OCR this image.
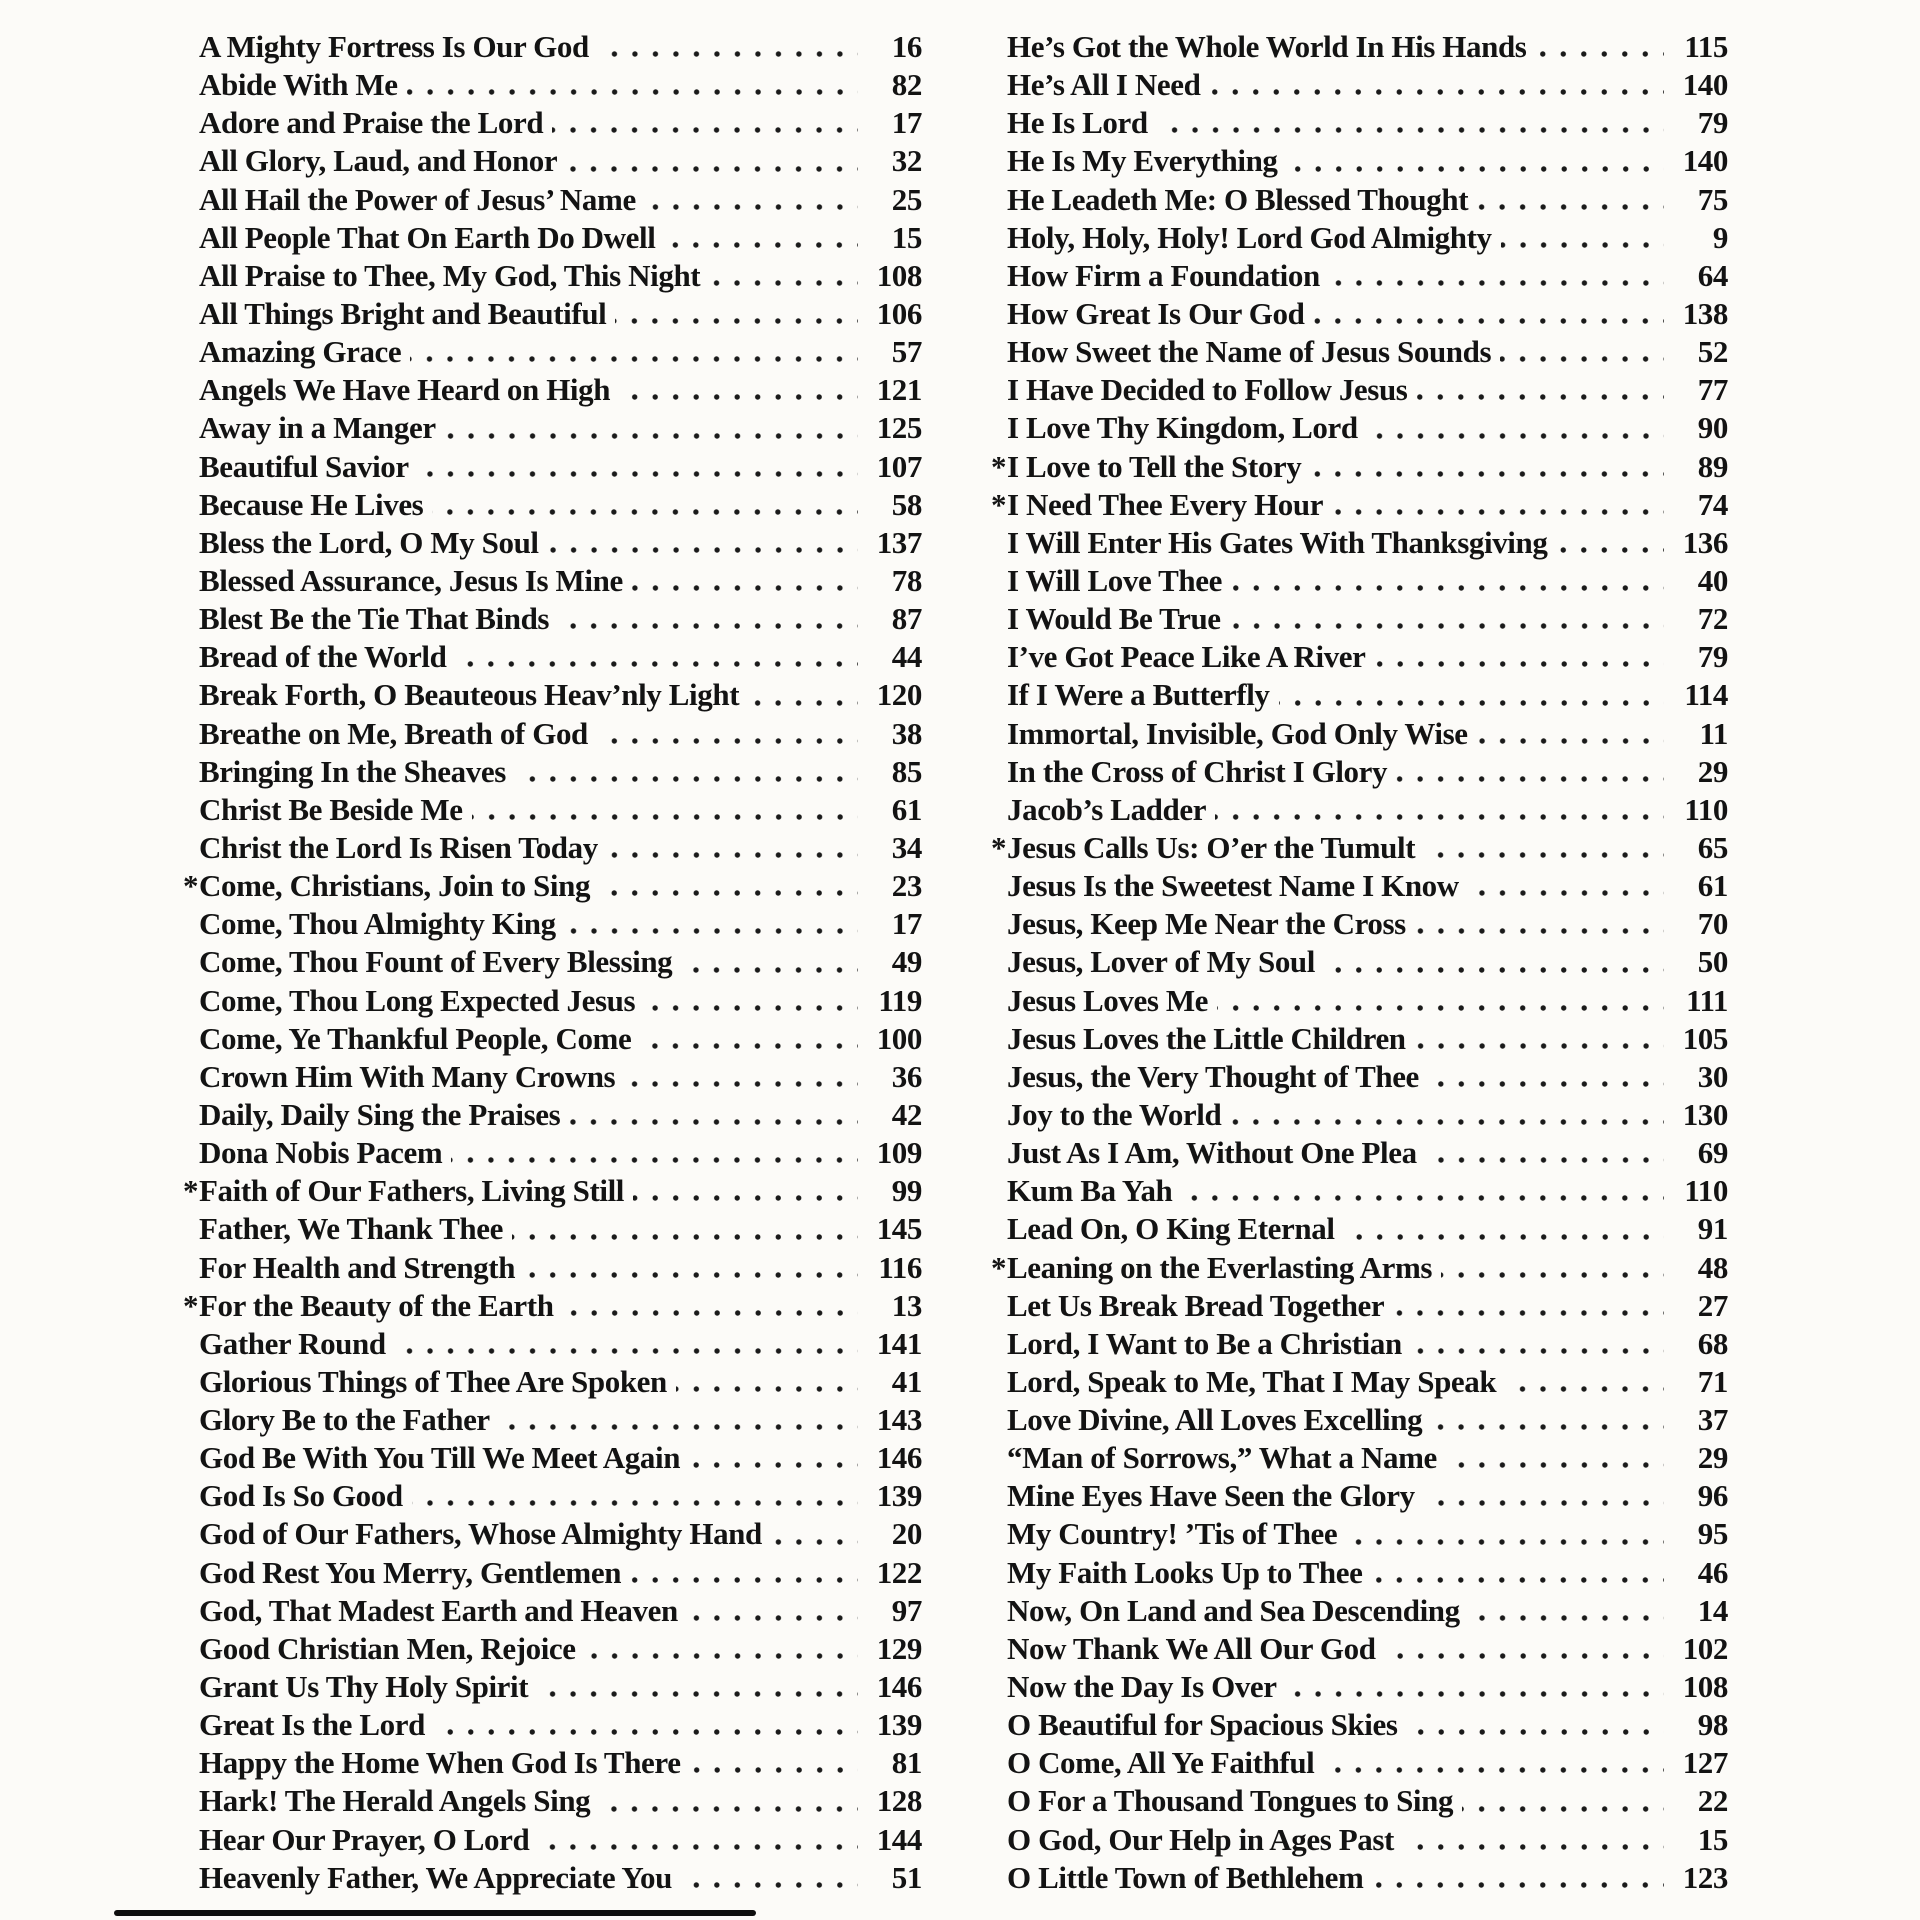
A Mighty Fortress Is Our God	16
Abide With Me	82
Adore and Praise the Lord	17
All Glory, Laud, and Honor	32
All Hail the Power of Jesus’ Name	25
All People That On Earth Do Dwell	15
All Praise to Thee, My God, This Night	108
All Things Bright and Beautiful	106
Amazing Grace	57
Angels We Have Heard on High	121
Away in a Manger	125
Beautiful Savior	107
Because He Lives	58
Bless the Lord, O My Soul	137
Blessed Assurance, Jesus Is Mine	78
Blest Be the Tie That Binds	87
Bread of the World	44
Break Forth, O Beauteous Heav’nly Light	120
Breathe on Me, Breath of God	38
Bringing In the Sheaves	85
Christ Be Beside Me	61
Christ the Lord Is Risen Today	34
* Come, Christians, Join to Sing	23
Come, Thou Almighty King	17
Come, Thou Fount of Every Blessing	49
Come, Thou Long Expected Jesus	119
Come, Ye Thankful People, Come	100
Crown Him With Many Crowns	36
Daily, Daily Sing the Praises	42
Dona Nobis Pacem	109
* Faith of Our Fathers, Living Still	99
Father, We Thank Thee	145
For Health and Strength	116
* For the Beauty of the Earth	13
Gather Round	141
Glorious Things of Thee Are Spoken	41
Glory Be to the Father	143
God Be With You Till We Meet Again	146
God Is So Good	139
God of Our Fathers, Whose Almighty Hand	20
God Rest You Merry, Gentlemen	122
God, That Madest Earth and Heaven	97
Good Christian Men, Rejoice	129
Grant Us Thy Holy Spirit	146
Great Is the Lord	139
Happy the Home When God Is There	81
Hark! The Herald Angels Sing	128
Hear Our Prayer, O Lord	144
Heavenly Father, We Appreciate You	51
He’s Got the Whole World In His Hands	115
He’s All I Need	140
He Is Lord	79
He Is My Everything	140
He Leadeth Me: O Blessed Thought	75
Holy, Holy, Holy! Lord God Almighty	9
How Firm a Foundation	64
How Great Is Our God	138
How Sweet the Name of Jesus Sounds	52
I Have Decided to Follow Jesus	77
I Love Thy Kingdom, Lord	90
* I Love to Tell the Story	89
* I Need Thee Every Hour	74
I Will Enter His Gates With Thanksgiving	136
I Will Love Thee	40
I Would Be True	72
I’ve Got Peace Like A River	79
If I Were a Butterfly	114
Immortal, Invisible, God Only Wise	11
In the Cross of Christ I Glory	29
Jacob’s Ladder	110
* Jesus Calls Us: O’er the Tumult	65
Jesus Is the Sweetest Name I Know	61
Jesus, Keep Me Near the Cross	70
Jesus, Lover of My Soul	50
Jesus Loves Me	111
Jesus Loves the Little Children	105
Jesus, the Very Thought of Thee	30
Joy to the World	130
Just As I Am, Without One Plea	69
Kum Ba Yah	110
Lead On, O King Eternal	91
* Leaning on the Everlasting Arms	48
Let Us Break Bread Together	27
Lord, I Want to Be a Christian	68
Lord, Speak to Me, That I May Speak	71
Love Divine, All Loves Excelling	37
“Man of Sorrows,” What a Name	29
Mine Eyes Have Seen the Glory	96
My Country! ’Tis of Thee	95
My Faith Looks Up to Thee	46
Now, On Land and Sea Descending	14
Now Thank We All Our God	102
Now the Day Is Over	108
O Beautiful for Spacious Skies	98
O Come, All Ye Faithful	127
O For a Thousand Tongues to Sing	22
O God, Our Help in Ages Past	15
O Little Town of Bethlehem	123
